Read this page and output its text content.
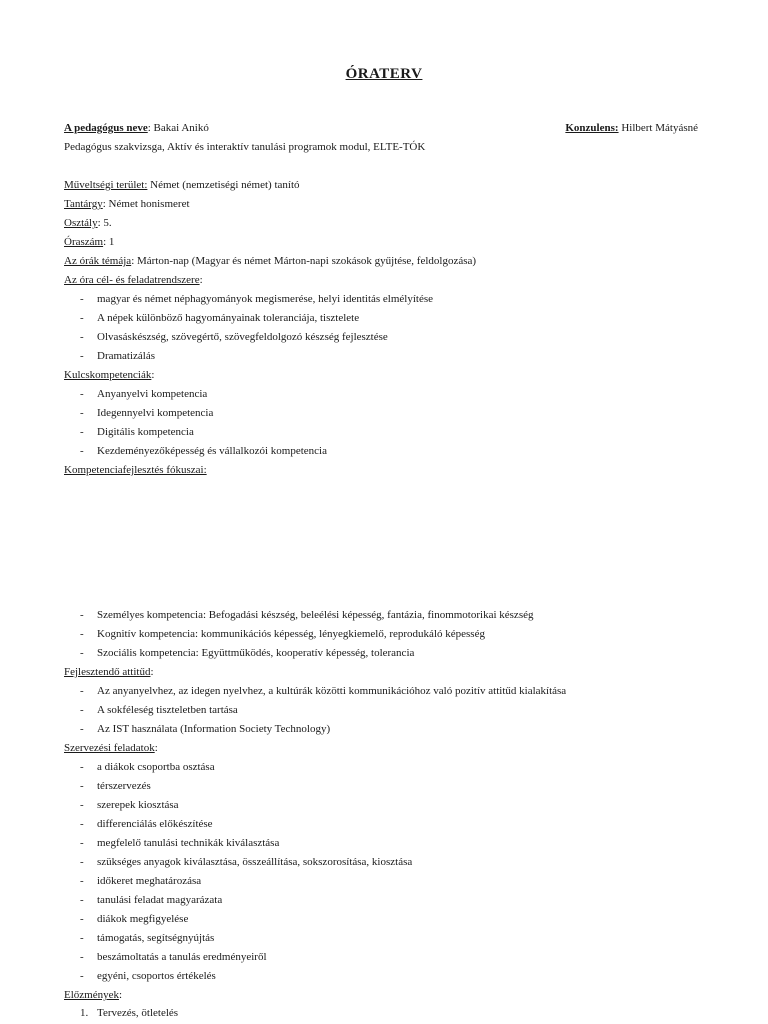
ÓRATERV
A pedagógus neve: Bakai Anikó	Konzulens: Hilbert Mátyásné
Pedagógus szakvizsga, Aktív és interaktív tanulási programok modul, ELTE-TÓK
Műveltségi terület: Német (nemzetiségi német) tanító
Tantárgy: Német honismeret
Osztály: 5.
Óraszám: 1
Az órák témája: Márton-nap (Magyar és német Márton-napi szokások gyűjtése, feldolgozása)
Az óra cél- és feladatrendszere:
- magyar és német néphagyományok megismerése, helyi identitás elmélyítése
- A népek különböző hagyományainak toleranciája, tisztelete
- Olvasáskészség, szövegértő, szövegfeldolgozó készség fejlesztése
- Dramatizálás
Kulcskompetenciák:
- Anyanyelvi kompetencia
- Idegennyelvi kompetencia
- Digitális kompetencia
- Kezdeményezőképesség és vállalkozói kompetencia
Kompetenciafejlesztés fókuszai:
- Személyes kompetencia: Befogadási készség, beleélési képesség, fantázia, finommotorikai készség
- Kognitív kompetencia: kommunikációs képesség, lényegkiemelő, reprodukáló képesség
- Szociális kompetencia: Együttműködés, kooperatív képesség, tolerancia
Fejlesztendő attitűd:
- Az anyanyelvhez, az idegen nyelvhez, a kultúrák közötti kommunikációhoz való pozitív attitűd kialakítása
- A sokféleség tiszteletben tartása
- Az IST használata (Information Society Technology)
Szervezési feladatok:
- a diákok csoportba osztása
- térszervezés
- szerepek kiosztása
- differenciálás előkészítése
- megfelelő tanulási technikák kiválasztása
- szükséges anyagok kiválasztása, összeállítása, sokszorosítása, kiosztása
- időkeret meghatározása
- tanulási feladat magyarázata
- diákok megfigyelése
- támogatás, segítségnyújtás
- beszámoltatás a tanulás eredményeiről
- egyéni, csoportos értékelés
Előzmények:
1. Tervezés, ötletelés
